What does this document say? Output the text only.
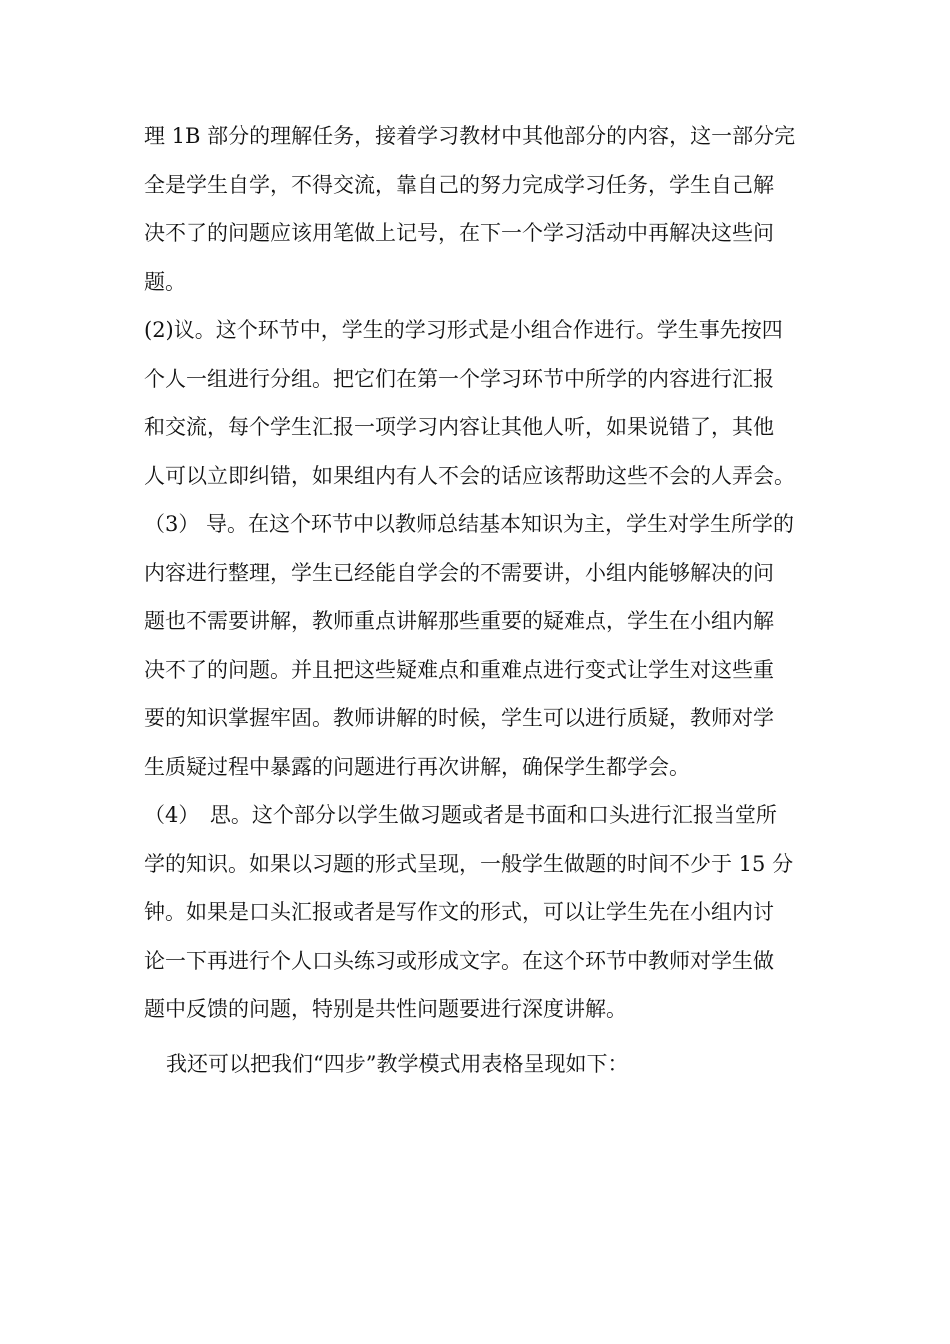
理 1B 部分的理解任务，接着学习教材中其他部分的内容，这一部分完
全是学生自学，不得交流，靠自己的努力完成学习任务，学生自己解
决不了的问题应该用笔做上记号，在下一个学习活动中再解决这些问
题。
(2)议。这个环节中，学生的学习形式是小组合作进行。学生事先按四
个人一组进行分组。把它们在第一个学习环节中所学的内容进行汇报
和交流，每个学生汇报一项学习内容让其他人听，如果说错了，其他
人可以立即纠错，如果组内有人不会的话应该帮助这些不会的人弄会。
（3） 导。在这个环节中以教师总结基本知识为主，学生对学生所学的
内容进行整理，学生已经能自学会的不需要讲，小组内能够解决的问
题也不需要讲解，教师重点讲解那些重要的疑难点，学生在小组内解
决不了的问题。并且把这些疑难点和重难点进行变式让学生对这些重
要的知识掌握牢固。教师讲解的时候，学生可以进行质疑，教师对学
生质疑过程中暴露的问题进行再次讲解，确保学生都学会。
（4）　思。这个部分以学生做习题或者是书面和口头进行汇报当堂所
学的知识。如果以习题的形式呈现，一般学生做题的时间不少于 15 分
钟。如果是口头汇报或者是写作文的形式，可以让学生先在小组内讨
论一下再进行个人口头练习或形成文字。在这个环节中教师对学生做
题中反馈的问题，特别是共性问题要进行深度讲解。
我还可以把我们“四步”教学模式用表格呈现如下：
